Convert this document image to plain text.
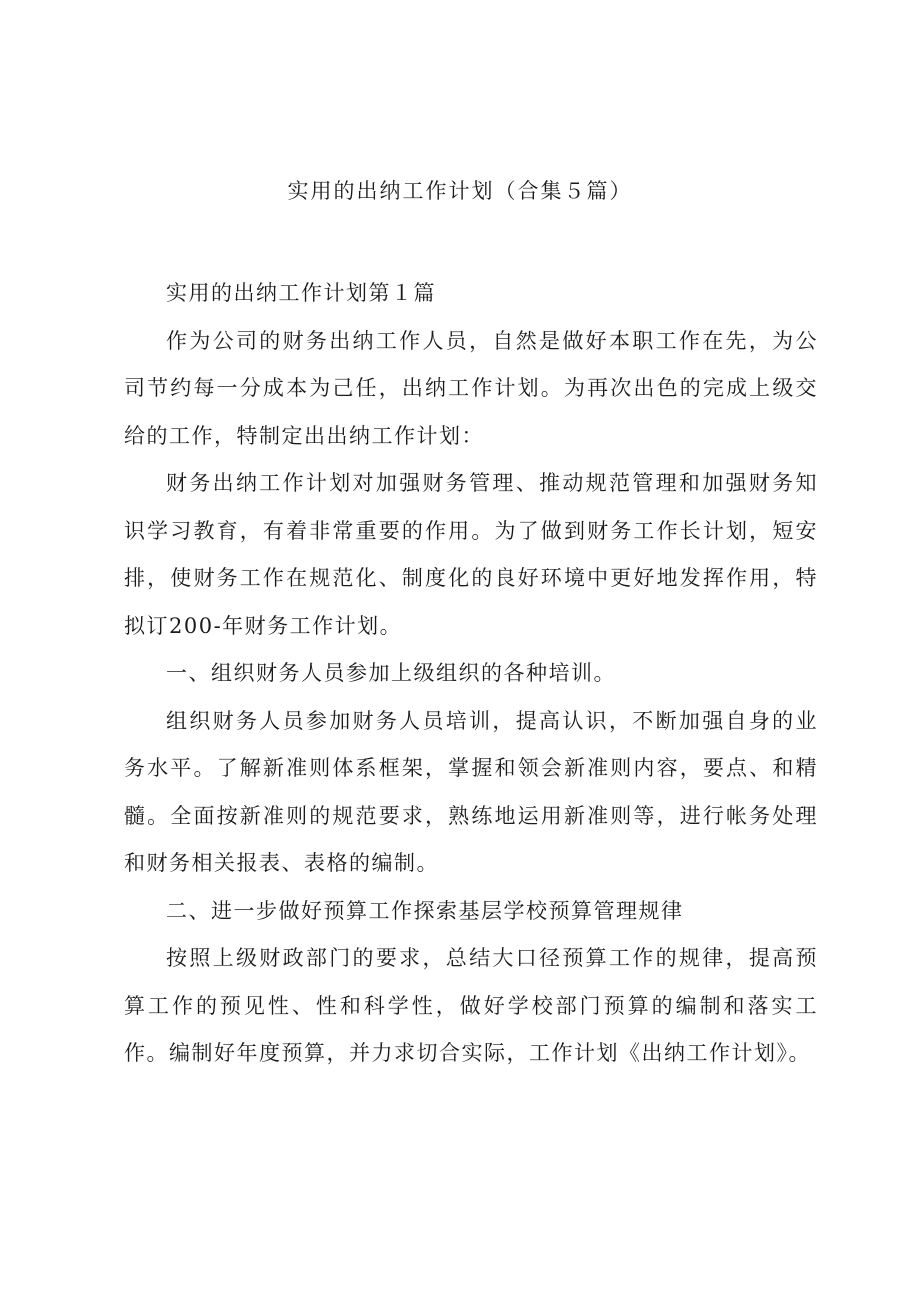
实用的出纳工作计划（合集５篇）

实用的出纳工作计划第１篇

作为公司的财务出纳工作人员，自然是做好本职工作在先，为公司节约每一分成本为己任，出纳工作计划。为再次出色的完成上级交给的工作，特制定出出纳工作计划：

财务出纳工作计划对加强财务管理、推动规范管理和加强财务知识学习教育，有着非常重要的作用。为了做到财务工作长计划，短安排，使财务工作在规范化、制度化的良好环境中更好地发挥作用，特拟订200-年财务工作计划。

一、组织财务人员参加上级组织的各种培训。

组织财务人员参加财务人员培训，提高认识，不断加强自身的业务水平。了解新准则体系框架，掌握和领会新准则内容，要点、和精髓。全面按新准则的规范要求，熟练地运用新准则等，进行帐务处理和财务相关报表、表格的编制。

二、进一步做好预算工作探索基层学校预算管理规律

按照上级财政部门的要求，总结大口径预算工作的规律，提高预算工作的预见性、性和科学性，做好学校部门预算的编制和落实工作。编制好年度预算，并力求切合实际，工作计划《出纳工作计划》。
